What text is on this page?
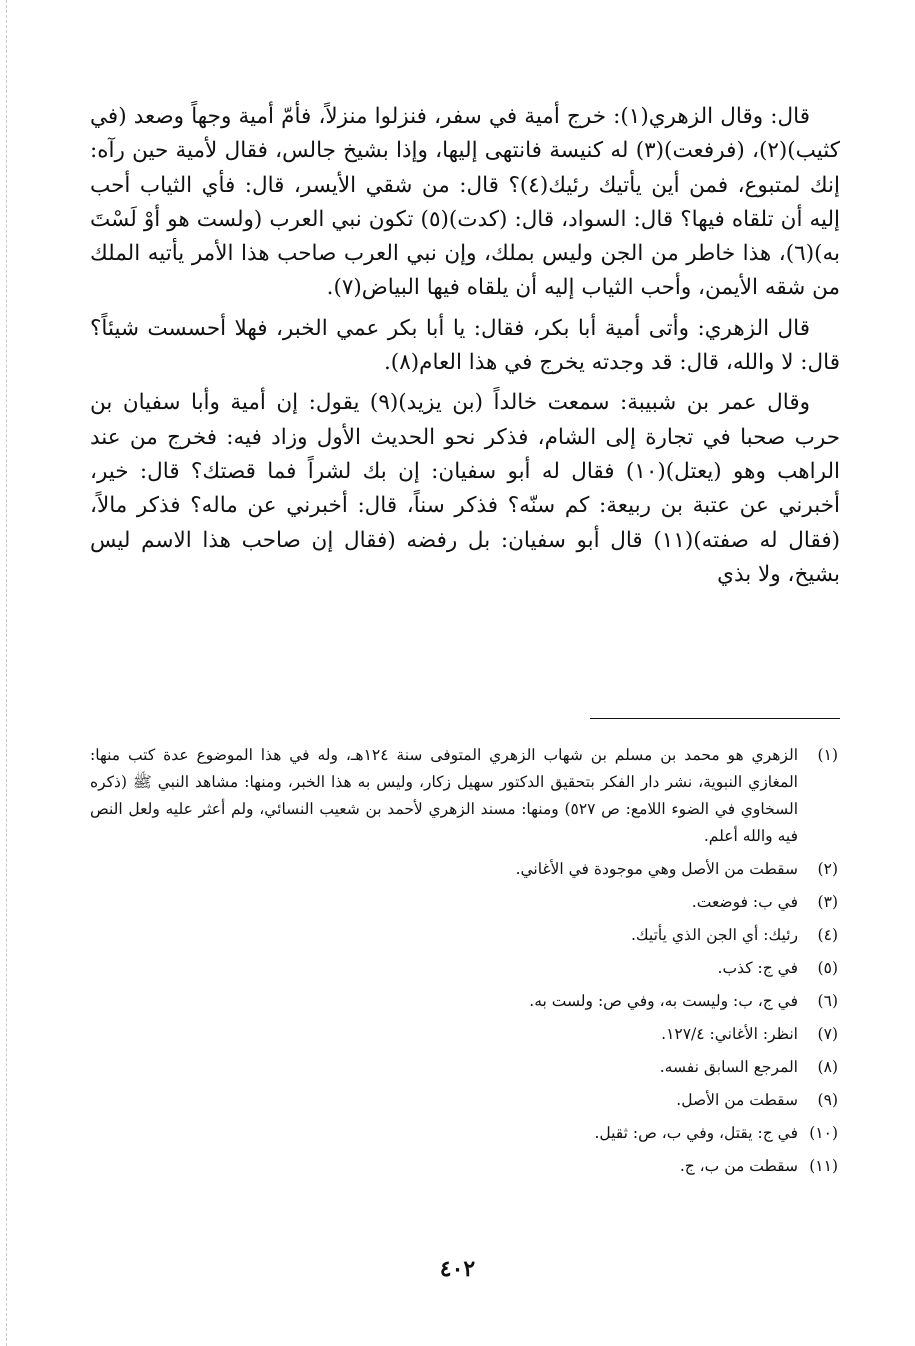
قال: وقال الزهري(١): خرج أمية في سفر، فنزلوا منزلاً، فأمّ أمية وجهاً وصعد (في كثيب)(٢)، (فرفعت)(٣) له كنيسة فانتهى إليها، وإذا بشيخ جالس، فقال لأمية حين رآه: إنك لمتبوع، فمن أين يأتيك رئيك(٤)؟ قال: من شقي الأيسر، قال: فأي الثياب أحب إليه أن تلقاه فيها؟ قال: السواد، قال: (كدت)(٥) تكون نبي العرب (ولست هو أوْ لَسْتَ به)(٦)، هذا خاطر من الجن وليس بملك، وإن نبي العرب صاحب هذا الأمر يأتيه الملك من شقه الأيمن، وأحب الثياب إليه أن يلقاه فيها البياض(٧).

قال الزهري: وأتى أمية أبا بكر، فقال: يا أبا بكر عمي الخبر، فهلا أحسست شيئاً؟ قال: لا والله، قال: قد وجدته يخرج في هذا العام(٨).

وقال عمر بن شبيبة: سمعت خالداً (بن يزيد)(٩) يقول: إن أمية وأبا سفيان بن حرب صحبا في تجارة إلى الشام، فذكر نحو الحديث الأول وزاد فيه: فخرج من عند الراهب وهو (يعتل)(١٠) فقال له أبو سفيان: إن بك لشراً فما قصتك؟ قال: خير، أخبرني عن عتبة بن ربيعة: كم سنّه؟ فذكر سناً، قال: أخبرني عن ماله؟ فذكر مالاً، (فقال له صفته)(١١) قال أبو سفيان: بل رفضه (فقال إن صاحب هذا الاسم ليس بشيخ، ولا بذي

(١)
الزهري هو محمد بن مسلم بن شهاب الزهري المتوفى سنة ١٢٤هـ، وله في هذا الموضوع عدة كتب منها: المغازي النبوية، نشر دار الفكر بتحقيق الدكتور سهيل زكار، وليس به هذا الخبر، ومنها: مشاهد النبي ﷺ (ذكره السخاوي في الضوء اللامع: ص ٥٢٧) ومنها: مسند الزهري لأحمد بن شعيب النسائي، ولم أعثر عليه ولعل النص فيه والله أعلم.
(٢)
سقطت من الأصل وهي موجودة في الأغاني.
(٣)
في ب: فوضعت.
(٤)
رئيك: أي الجن الذي يأتيك.
(٥)
في ج: كذب.
(٦)
في ج، ب: وليست به، وفي ص: ولست به.
(٧)
انظر: الأغاني: ١٢٧/٤.
(٨)
المرجع السابق نفسه.
(٩)
سقطت من الأصل.
(١٠)
في ج: يقتل، وفي ب، ص: ثقيل.
(١١)
سقطت من ب، ج.
٤٠٢
